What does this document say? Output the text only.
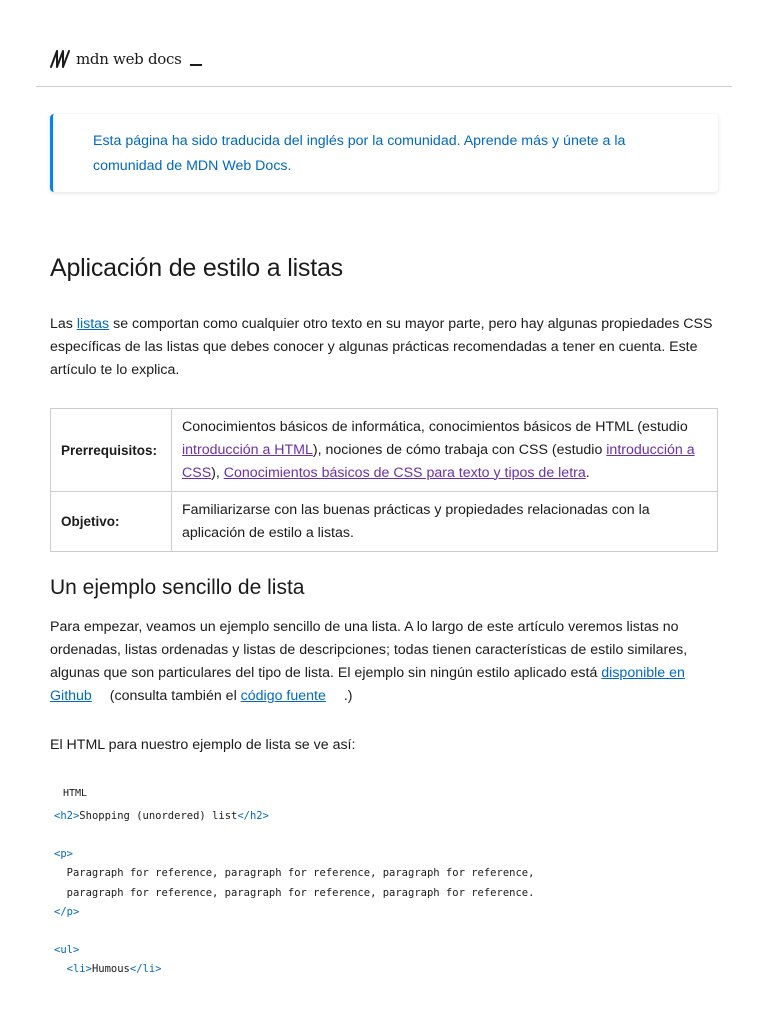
mdn web docs

Esta página ha sido traducida del inglés por la comunidad. Aprende más y únete a la comunidad de MDN Web Docs.

Aplicación de estilo a listas

Las listas se comportan como cualquier otro texto en su mayor parte, pero hay algunas propiedades CSS específicas de las listas que debes conocer y algunas prácticas recomendadas a tener en cuenta. Este artículo te lo explica.

Prerrequisitos:	Conocimientos básicos de informática, conocimientos básicos de HTML (estudio introducción a HTML), nociones de cómo trabaja con CSS (estudio introducción a CSS), Conocimientos básicos de CSS para texto y tipos de letra.
Objetivo:	Familiarizarse con las buenas prácticas y propiedades relacionadas con la aplicación de estilo a listas.
Un ejemplo sencillo de lista

Para empezar, veamos un ejemplo sencillo de una lista. A lo largo de este artículo veremos listas no ordenadas, listas ordenadas y listas de descripciones; todas tienen características de estilo similares, algunas que son particulares del tipo de lista. El ejemplo sin ningún estilo aplicado está disponible en Github (consulta también el código fuente .)

El HTML para nuestro ejemplo de lista se ve así:

HTML
<h2>Shopping (unordered) list</h2>

<p>
Paragraph for reference, paragraph for reference, paragraph for reference,
paragraph for reference, paragraph for reference, paragraph for reference.
</p>

<ul>
<li>Humous</li>
